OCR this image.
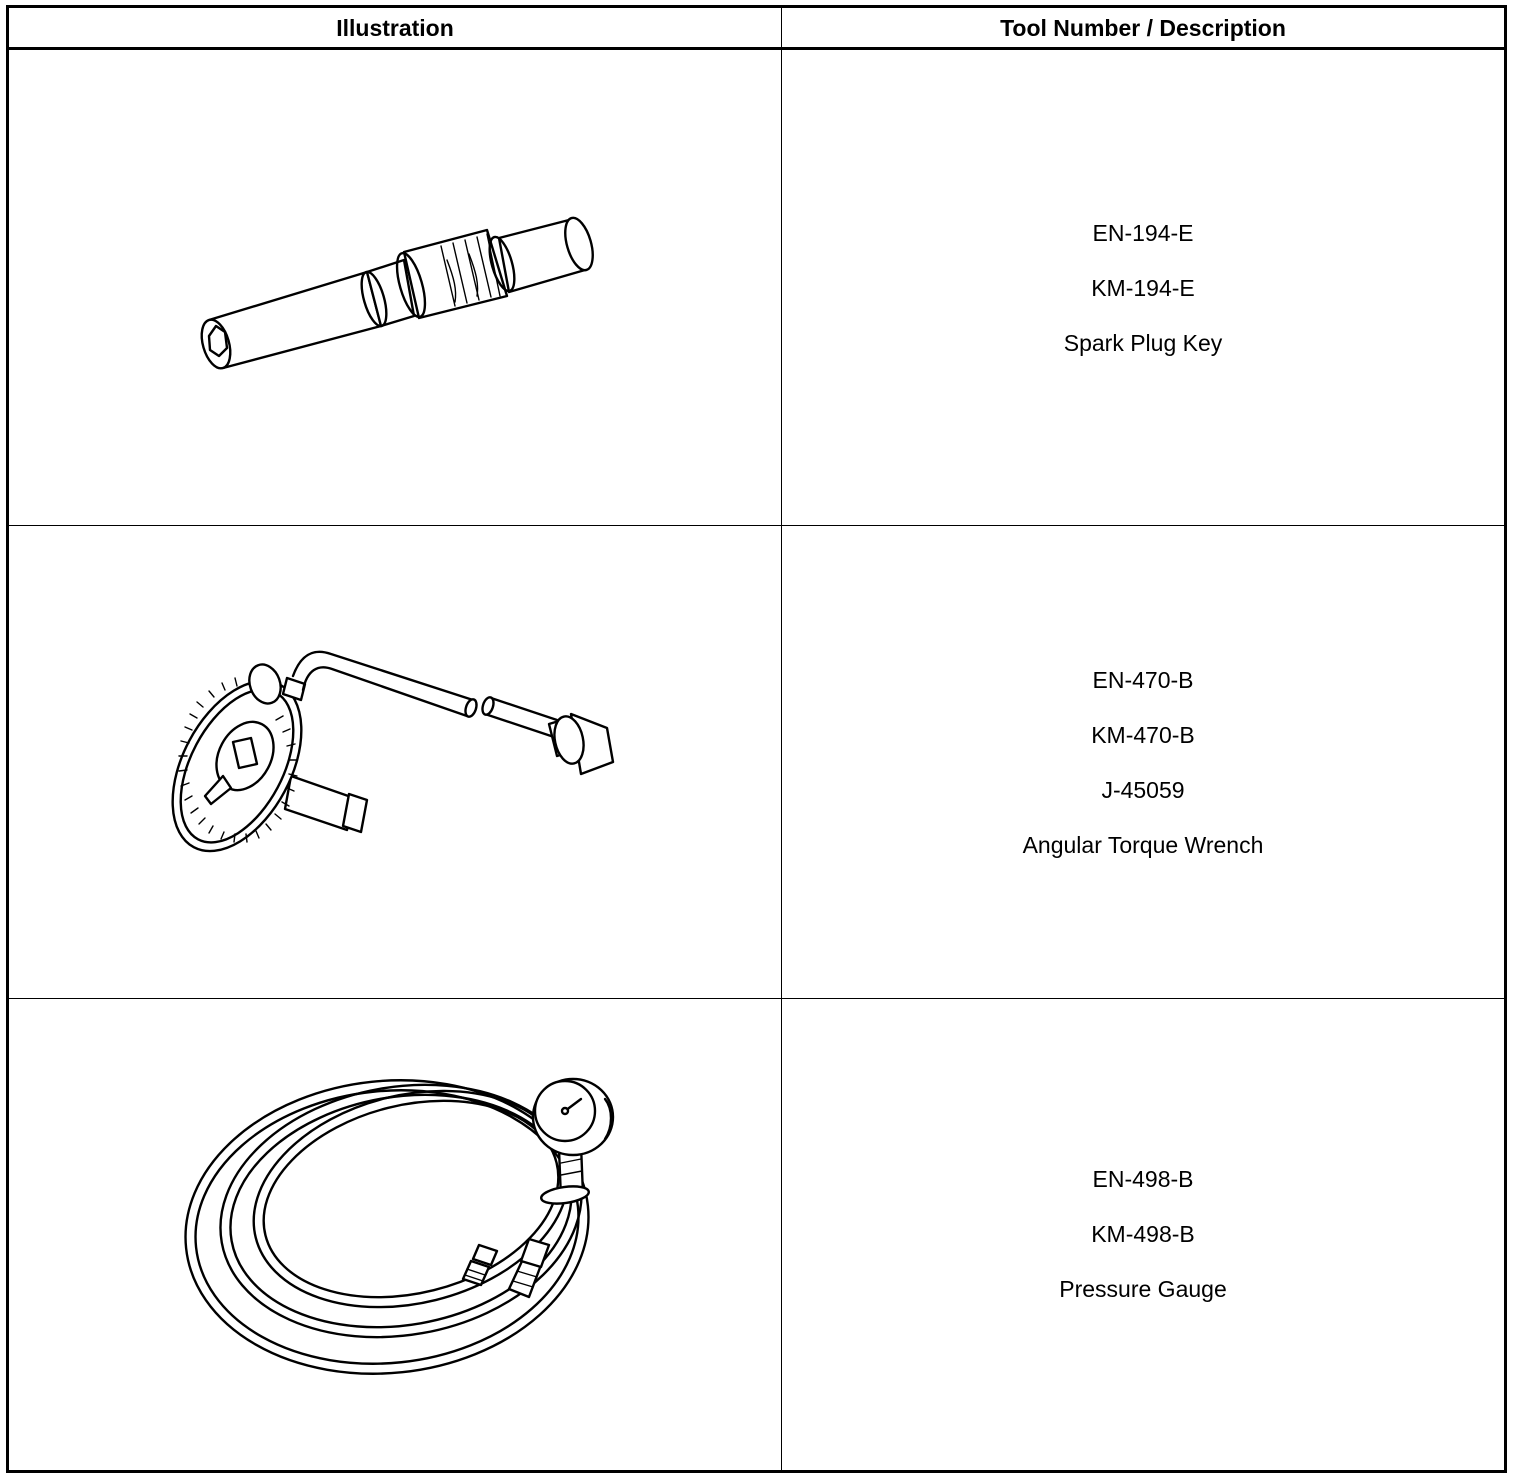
Illustration	Tool Number / Description
EN-194-E
KM-194-E
Spark Plug Key
EN-470-B
KM-470-B
J-45059
Angular Torque Wrench
EN-498-B
KM-498-B
Pressure Gauge
